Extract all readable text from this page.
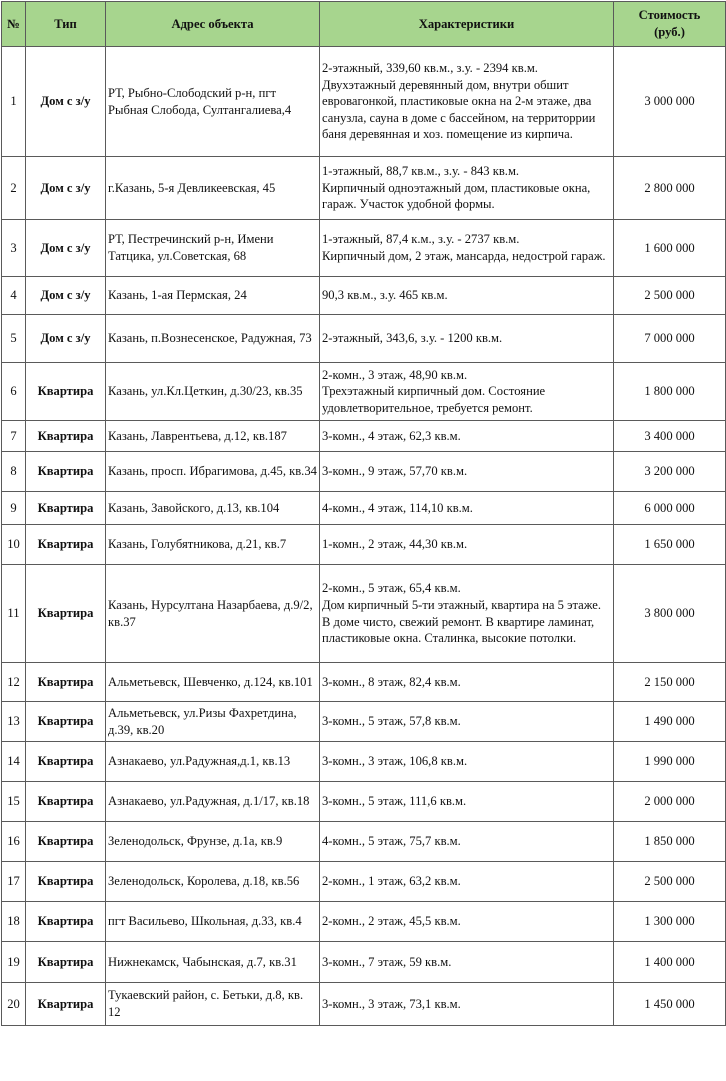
№	Тип	Адрес объекта	Характеристики	Стоимость
(руб.)
1	Дом с з/у	РТ, Рыбно-Слободский р-н, пгт Рыбная Слобода, Султангалиева,4	2-этажный, 339,60 кв.м., з.у. - 2394 кв.м.
Двухэтажный деревянный дом, внутри обшит евровагонкой, пластиковые окна на 2-м этаже, два санузла, сауна в доме с бассейном, на территоррии баня деревянная и хоз. помещение из кирпича.	3 000 000
2	Дом с з/у	г.Казань, 5-я Девликеевская, 45	1-этажный, 88,7 кв.м., з.у. - 843 кв.м.
Кирпичный одноэтажный дом, пластиковые окна, гараж. Участок удобной формы.	2 800 000
3	Дом с з/у	РТ, Пестречинский р-н, Имени Татцика, ул.Советская, 68	1-этажный, 87,4 к.м., з.у. - 2737 кв.м.
Кирпичный дом, 2 этаж, мансарда, недострой гараж.	1 600 000
4	Дом с з/у	Казань, 1-ая Пермская, 24	90,3 кв.м., з.у. 465 кв.м.	2 500 000
5	Дом с з/у	Казань, п.Вознесенское, Радужная, 73	2-этажный, 343,6, з.у. - 1200 кв.м.	7 000 000
6	Квартира	Казань, ул.Кл.Цеткин, д.30/23, кв.35	2-комн., 3 этаж, 48,90 кв.м.
Трехэтажный кирпичный дом. Состояние удовлетворительное, требуется ремонт.	1 800 000
7	Квартира	Казань, Лаврентьева, д.12, кв.187	3-комн., 4 этаж, 62,3 кв.м.	3 400 000
8	Квартира	Казань, просп. Ибрагимова, д.45, кв.34	3-комн., 9 этаж, 57,70 кв.м.	3 200 000
9	Квартира	Казань, Завойского, д.13, кв.104	4-комн., 4 этаж, 114,10 кв.м.	6 000 000
10	Квартира	Казань, Голубятникова, д.21, кв.7	1-комн., 2 этаж, 44,30 кв.м.	1 650 000
11	Квартира	Казань, Нурсултана Назарбаева, д.9/2, кв.37	2-комн., 5 этаж, 65,4 кв.м.
Дом кирпичный 5-ти этажный, квартира на 5 этаже. В доме чисто, свежий ремонт. В квартире ламинат, пластиковые окна. Сталинка, высокие потолки.	3 800 000
12	Квартира	Альметьевск, Шевченко, д.124, кв.101	3-комн., 8 этаж, 82,4 кв.м.	2 150 000
13	Квартира	Альметьевск, ул.Ризы Фахретдина, д.39, кв.20	3-комн., 5 этаж, 57,8 кв.м.	1 490 000
14	Квартира	Азнакаево, ул.Радужная,д.1, кв.13	3-комн., 3 этаж, 106,8 кв.м.	1 990 000
15	Квартира	Азнакаево, ул.Радужная, д.1/17, кв.18	3-комн., 5 этаж, 111,6 кв.м.	2 000 000
16	Квартира	Зеленодольск, Фрунзе, д.1а, кв.9	4-комн., 5 этаж, 75,7 кв.м.	1 850 000
17	Квартира	Зеленодольск, Королева, д.18, кв.56	2-комн., 1 этаж, 63,2 кв.м.	2 500 000
18	Квартира	пгт Васильево, Школьная, д.33, кв.4	2-комн., 2 этаж, 45,5 кв.м.	1 300 000
19	Квартира	Нижнекамск, Чабынская, д.7, кв.31	3-комн., 7 этаж, 59 кв.м.	1 400 000
20	Квартира	Тукаевский район, с. Бетьки, д.8, кв. 12	3-комн., 3 этаж, 73,1 кв.м.	1 450 000
